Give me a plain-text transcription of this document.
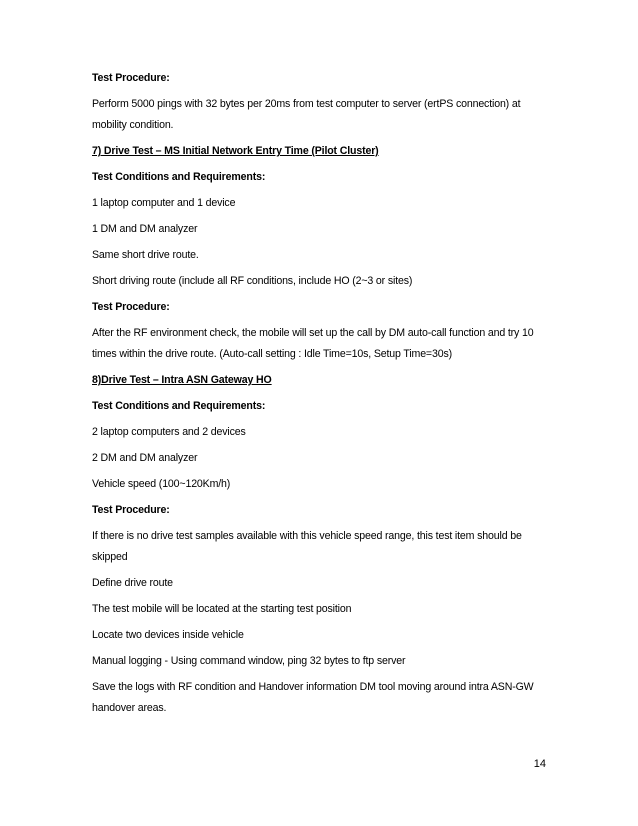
Test Procedure:

Perform 5000 pings with 32 bytes per 20ms from test computer to server (ertPS connection) at mobility condition.

7) Drive Test – MS Initial Network Entry Time (Pilot Cluster)

Test Conditions and Requirements:

1 laptop computer and 1 device

1 DM and DM analyzer

Same short drive route.

Short driving route (include all RF conditions, include HO (2~3 or sites)

Test Procedure:

After the RF environment check, the mobile will set up the call by DM auto-call function and try 10 times within the drive route. (Auto-call setting : Idle Time=10s, Setup Time=30s)

8)Drive Test – Intra ASN Gateway HO

Test Conditions and Requirements:

2 laptop computers and 2 devices

2 DM and DM analyzer

Vehicle speed (100~120Km/h)

Test Procedure:

If there is no drive test samples available with this vehicle speed range, this test item should be skipped

Define drive route

The test mobile will be located at the starting test position

Locate two devices inside vehicle

Manual logging - Using command window, ping 32 bytes to ftp server

Save the logs with RF condition and Handover information DM tool moving around intra ASN-GW handover areas.

14
